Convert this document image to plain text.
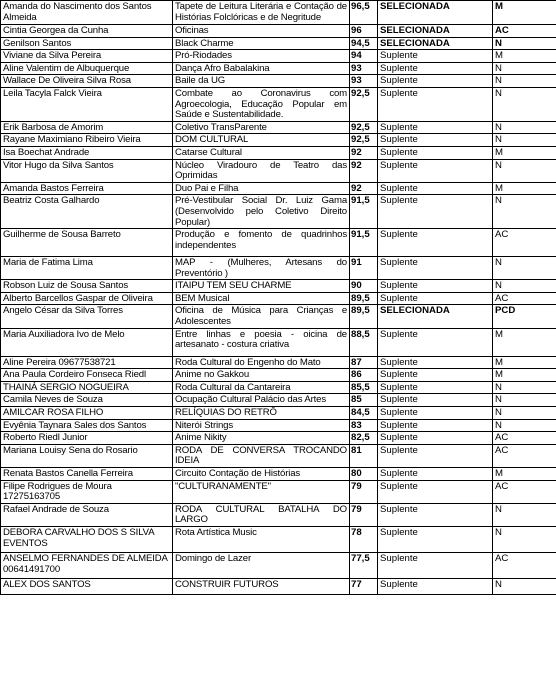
Amanda do Nascimento dos Santos Almeida	Tapete de Leitura Literária e Contação de Histórias Folclóricas e de Negritude	96,5	SELECIONADA	M
Cintia Georgea da Cunha	Oficinas	96	SELECIONADA	AC
Genilson Santos	Black Charme	94,5	SELECIONADA	N
Viviane da Silva Pereira	Pró-Riodades	94	Suplente	M
Aline Valentim de Albuquerque	Dança Afro Babalakina	93	Suplente	N
Wallace De Oliveira Silva Rosa	Baile da UG	93	Suplente	N
Leila Tacyla Falck Vieira	Combate ao Coronavirus com Agroecologia, Educação Popular em Saúde e Sustentabilidade.	92,5	Suplente	N
Erik Barbosa de Amorim	Coletivo TransParente	92,5	Suplente	N
Rayane Maximiano Ribeiro Vieira	DOM CULTURAL	92,5	Suplente	N
Isa Boechat Andrade	Catarse Cultural	92	Suplente	M
Vitor Hugo da Silva Santos	Núcleo Viradouro de Teatro das Oprimidas	92	Suplente	N
Amanda Bastos Ferreira	Duo Pai e Filha	92	Suplente	M
Beatriz Costa Galhardo	Pré-Vestibular Social Dr. Luiz Gama (Desenvolvido pelo Coletivo Direito Popular)	91,5	Suplente	N
Guilherme de Sousa Barreto	Produção e fomento de quadrinhos independentes	91,5	Suplente	AC
Maria de Fatima Lima	MAP - (Mulheres, Artesans do Preventório )	91	Suplente	N
Robson Luiz de Sousa Santos	ITAIPU TEM SEU CHARME	90	Suplente	N
Alberto Barcellos Gaspar de Oliveira	BEM Musical	89,5	Suplente	AC
Angelo César da Silva Torres	Oficina de Música para Crianças e Adolescentes	89,5	SELECIONADA	PCD
Maria Auxiliadora Ivo de Melo	Entre linhas e poesia - oicina de artesanato - costura criativa	88,5	Suplente	M
Aline Pereira 09677538721	Roda Cultural do Engenho do Mato	87	Suplente	M
Ana Paula Cordeiro Fonseca Riedl	Anime no Gakkou	86	Suplente	M
THAINÁ SERGIO NOGUEIRA	Roda Cultural da Cantareira	85,5	Suplente	N
Camila Neves de Souza	Ocupação Cultural Palácio das Artes	85	Suplente	N
AMILCAR ROSA FILHO	RELÍQUIAS DO RETRÔ	84,5	Suplente	N
Evyênia Taynara Sales dos Santos	Niterói Strings	83	Suplente	N
Roberto Riedl Junior	Anime Nikity	82,5	Suplente	AC
Mariana Louisy Sena do Rosario	RODA DE CONVERSA TROCANDO IDEIA	81	Suplente	AC
Renata Bastos Canella Ferreira	Circuito Contação de Histórias	80	Suplente	M
Filipe Rodrigues de Moura 17275163705	"CULTURANAMENTE"	79	Suplente	AC
Rafael Andrade de Souza	RODA CULTURAL BATALHA DO LARGO	79	Suplente	N
DEBORA CARVALHO DOS S SILVA EVENTOS	Rota Artística Music	78	Suplente	N
ANSELMO FERNANDES DE ALMEIDA 00641491700	Domingo de Lazer	77,5	Suplente	AC
ALEX DOS SANTOS	CONSTRUIR FUTUROS	77	Suplente	N
